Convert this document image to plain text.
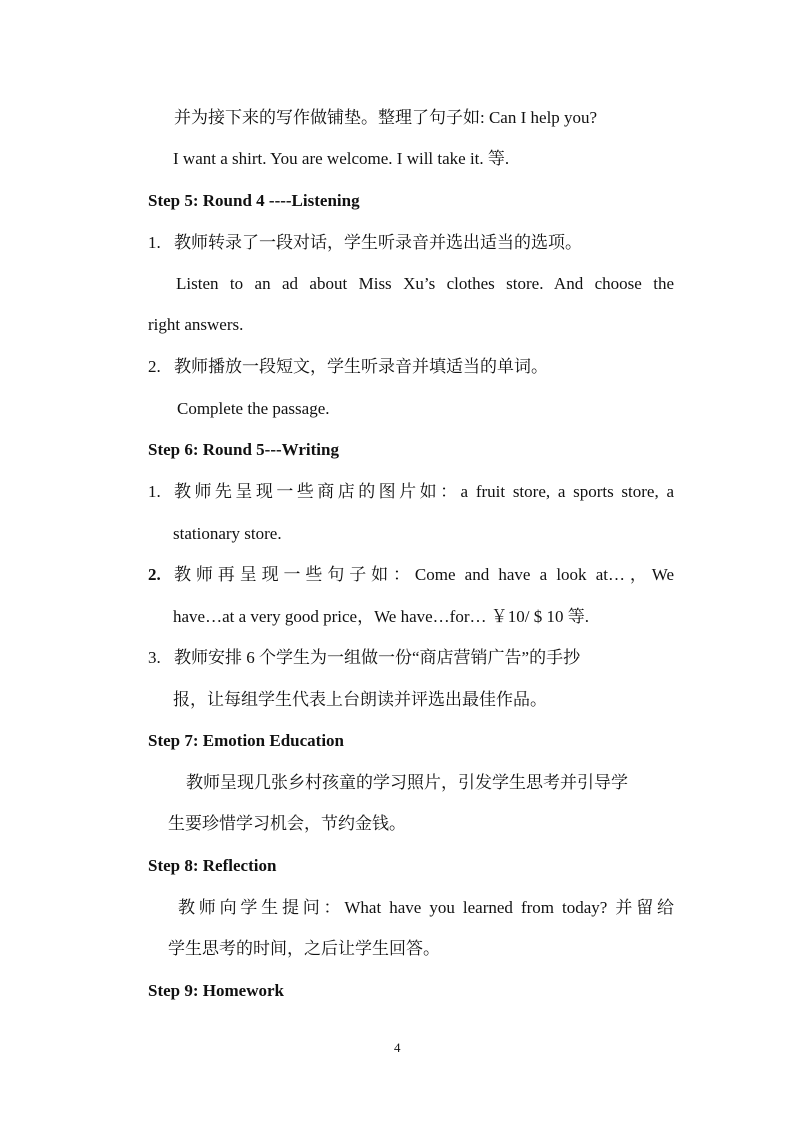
并为接下来的写作做铺垫。整理了句子如: Can I help you?
I want a shirt. You are welcome. I will take it. 等.
Step 5: Round 4 ----Listening
1. 教师转录了一段对话，学生听录音并选出适当的选项。
Listen to an ad about Miss Xu’s clothes store. And choose the
right answers.
2. 教师播放一段短文，学生听录音并填适当的单词。
Complete the passage.
Step 6: Round 5---Writing
1. 教师先呈现一些商店的图片如：a fruit store, a sports store, a
stationary store.
2. 教师再呈现一些句子如：Come and have a look at…，We
have…at a very good price，We have…for… ￥10/ $ 10 等.
3. 教师安排 6 个学生为一组做一份“商店营销广告”的手抄
报，让每组学生代表上台朗读并评选出最佳作品。
Step 7: Emotion Education
教师呈现几张乡村孩童的学习照片，引发学生思考并引导学
生要珍惜学习机会，节约金钱。
Step 8: Reflection
教师向学生提问：What have you learned from today? 并留给
学生思考的时间，之后让学生回答。
Step 9: Homework
4
